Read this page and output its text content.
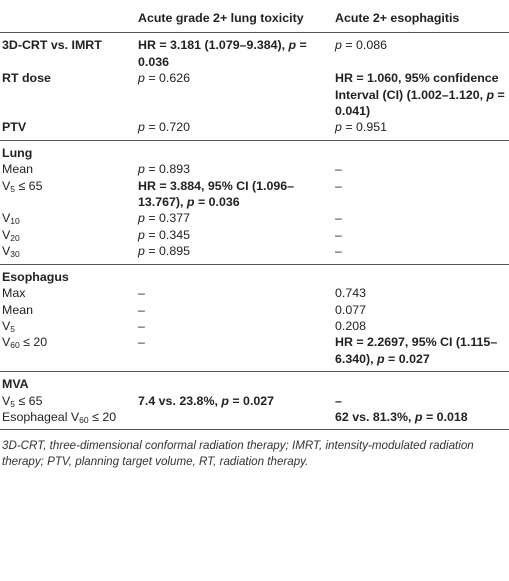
	Acute grade 2+ lung toxicity	Acute 2+ esophagitis
3D-CRT vs. IMRT	HR = 3.181 (1.079–9.384), p = 0.036	p = 0.086
RT dose	p = 0.626	HR = 1.060, 95% confidence Interval (CI) (1.002–1.120, p = 0.041)
PTV	p = 0.720	p = 0.951
Lung		
Mean	p = 0.893	–
$V_5 \le 65$	HR = 3.884, 95% CI (1.096–13.767), p = 0.036	–
$V_{10}$	p = 0.377	–
$V_{20}$	p = 0.345	–
$V_{30}$	p = 0.895	–
Esophagus		
Max	–	0.743
Mean	–	0.077
$V_5$	–	0.208
$V_{60} \le 20$	–	HR = 2.2697, 95% CI (1.115–6.340), p = 0.027
MVA		
$V_5 \le 65$	7.4 vs. 23.8%, p = 0.027	–
Esophageal $V_{60} \le 20$		62 vs. 81.3%, p = 0.018
3D-CRT, three-dimensional conformal radiation therapy; IMRT, intensity-modulated radiation therapy; PTV, planning target volume, RT, radiation therapy.
